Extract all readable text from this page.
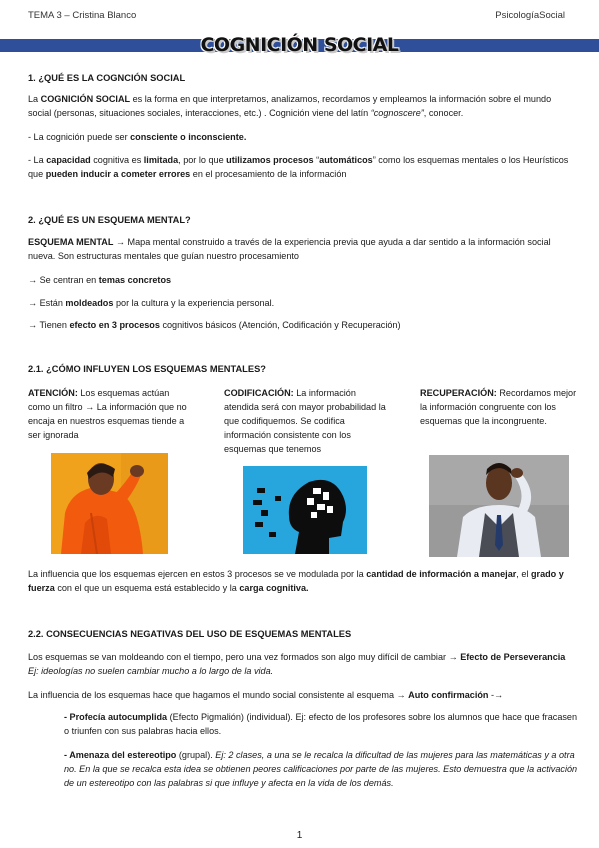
TEMA 3 – Cristina Blanco	PsicologíaSocial
COGNICIÓN SOCIAL
1. ¿QUÉ ES LA COGNCIÓN SOCIAL

La COGNICIÓN SOCIAL es la forma en que interpretamos, analizamos, recordamos y empleamos la información sobre el mundo social (personas, situaciones sociales, interacciones, etc.) . Cognición viene del latín “cognoscere”, conocer.

- La cognición puede ser consciente o inconsciente.

- La capacidad cognitiva es limitada, por lo que utilizamos procesos “automáticos” como los esquemas mentales o los Heurísticos que pueden inducir a cometer errores en el procesamiento de la información

2. ¿QUÉ ES UN ESQUEMA MENTAL?

ESQUEMA MENTAL → Mapa mental construido a través de la experiencia previa que ayuda a dar sentido a la información social nueva. Son estructuras mentales que guían nuestro procesamiento

→ Se centran en temas concretos

→ Están moldeados por la cultura y la experiencia personal.

→ Tienen efecto en 3 procesos cognitivos básicos (Atención, Codificación y Recuperación)

2.1. ¿CÓMO INFLUYEN LOS ESQUEMAS MENTALES?

ATENCIÓN: Los esquemas actúan como un filtro → La información que no encaja en nuestros esquemas tiende a ser ignorada

CODIFICACIÓN: La información atendida será con mayor probabilidad la que codifiquemos. Se codifica información consistente con los esquemas que tenemos

RECUPERACIÓN: Recordamos mejor la información congruente con los esquemas que la incongruente.

La influencia que los esquemas ejercen en estos 3 procesos se ve modulada por la cantidad de información a manejar, el grado y fuerza con el que un esquema está establecido y la carga cognitiva.

2.2. CONSECUENCIAS NEGATIVAS DEL USO DE ESQUEMAS MENTALES

Los esquemas se van moldeando con el tiempo, pero una vez formados son algo muy difícil de cambiar → Efecto de Perseverancia Ej: ideologías no suelen cambiar mucho a lo largo de la vida.

La influencia de los esquemas hace que hagamos el mundo social consistente al esquema → Auto confirmación -→

- Profecía autocumplida (Efecto Pigmalión) (individual). Ej: efecto de los profesores sobre los alumnos que hace que fracasen o triunfen con sus palabras hacia ellos.

- Amenaza del estereotipo (grupal). Ej: 2 clases, a una se le recalca la dificultad de las mujeres para las matemáticas y a otra no. En la que se recalca esta idea se obtienen peores calificaciones por parte de las mujeres. Esto demuestra que la activación de un estereotipo con las palabras si que influye y afecta en la vida de los demás.

1
